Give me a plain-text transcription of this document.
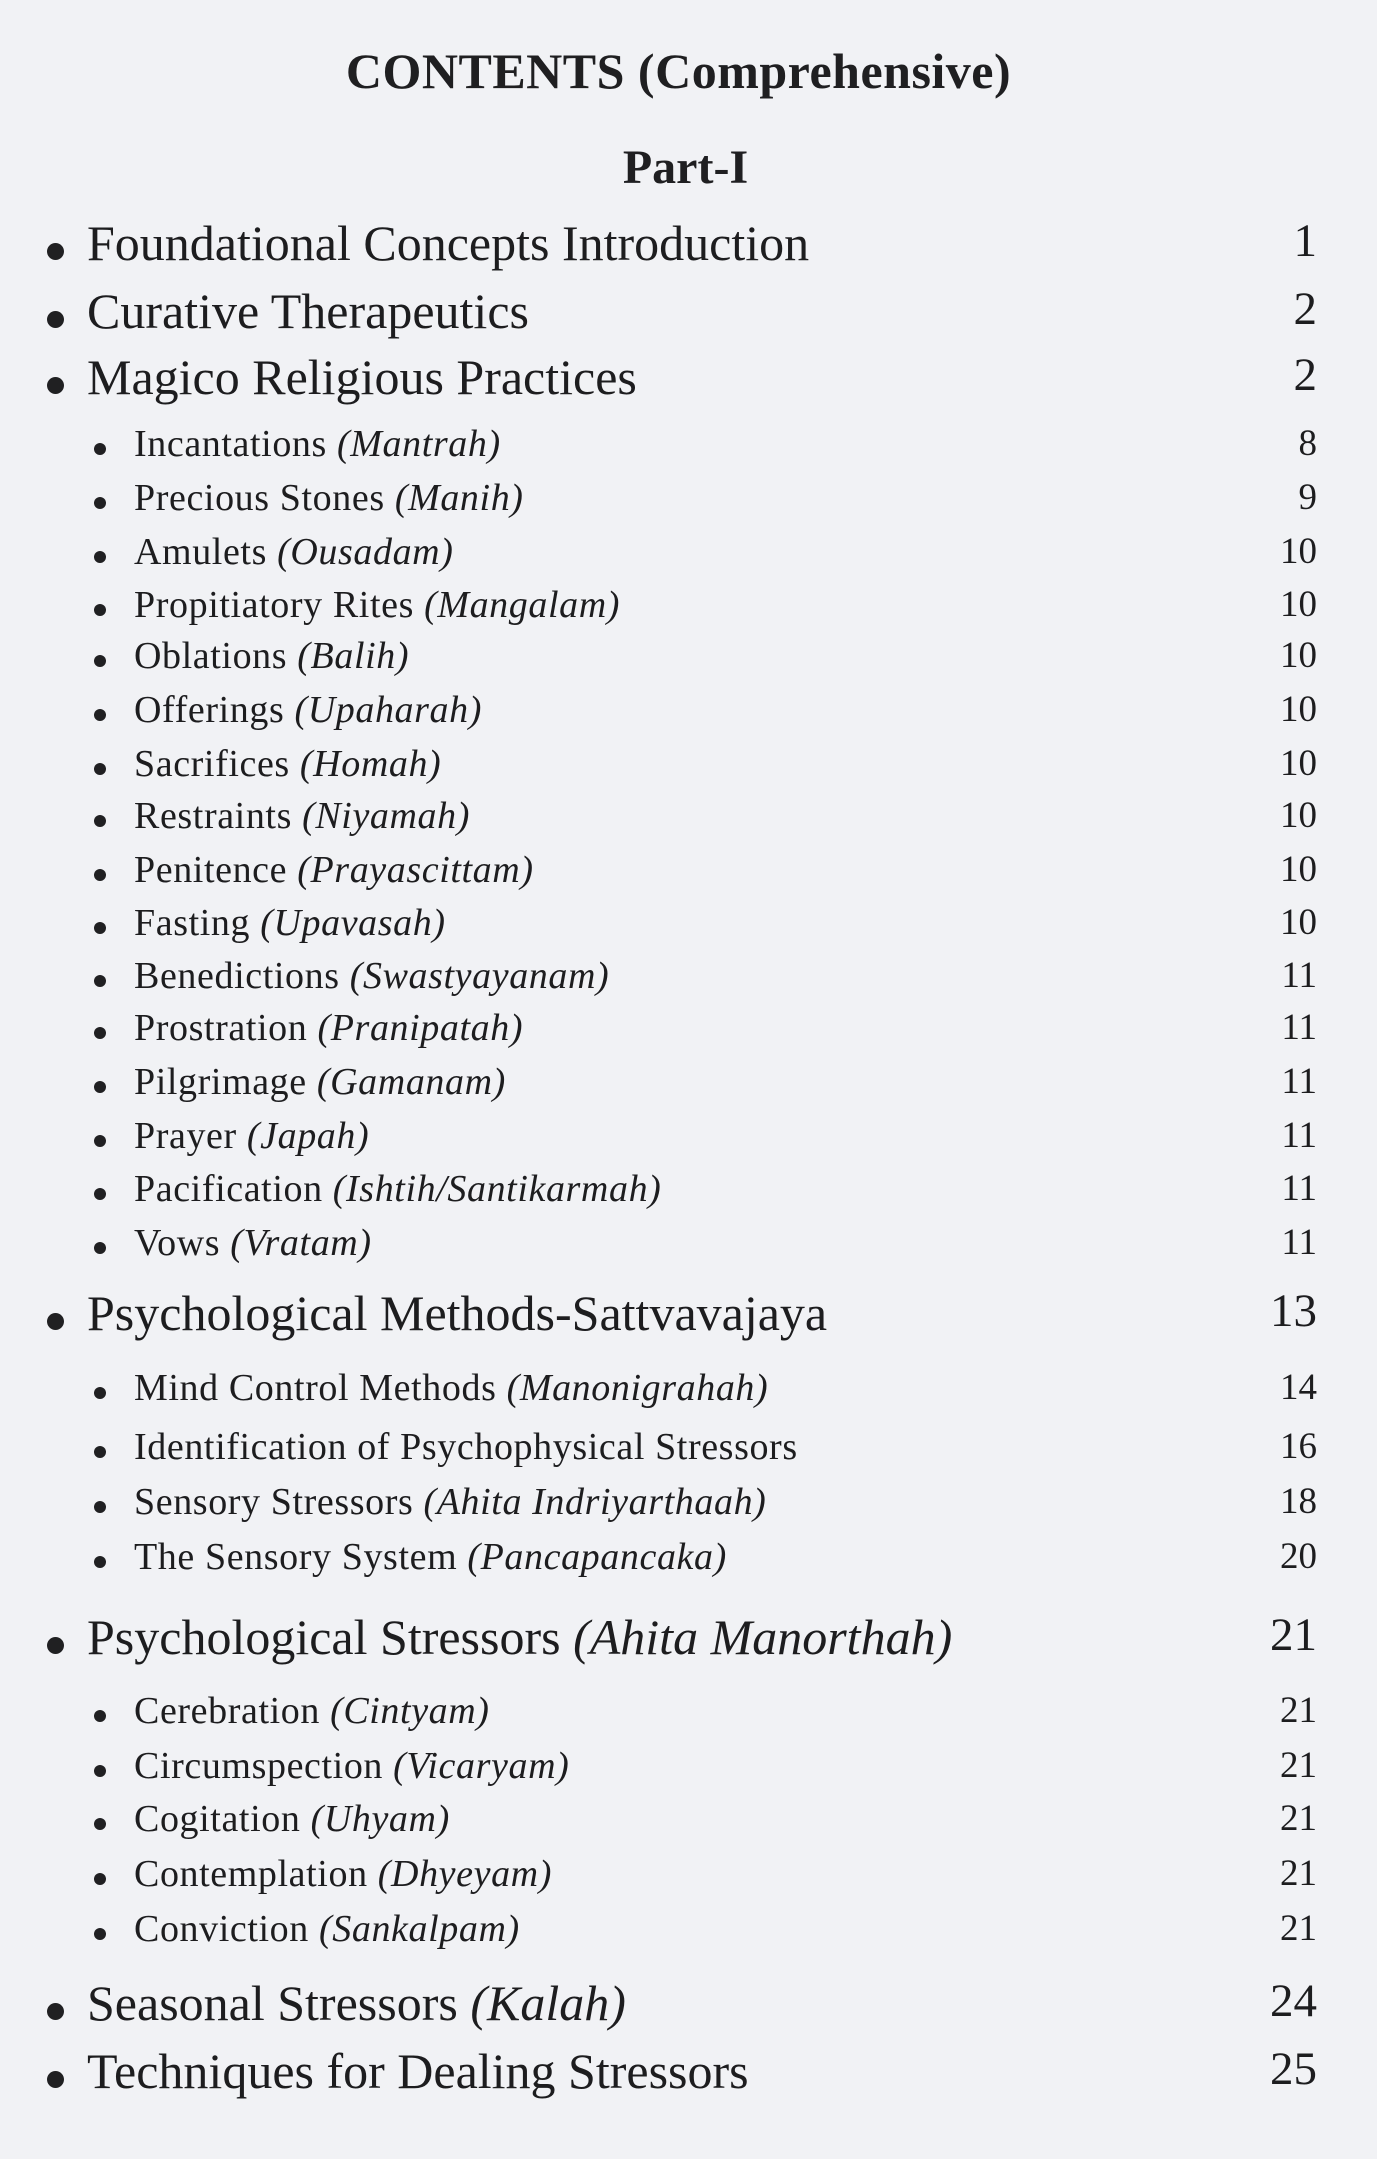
CONTENTS (Comprehensive)
Part-I
Foundational Concepts Introduction	1
Curative Therapeutics	2
Magico Religious Practices	2
Incantations (Mantrah)	8
Precious Stones (Manih)	9
Amulets (Ousadam)	10
Propitiatory Rites (Mangalam)	10
Oblations (Balih)	10
Offerings (Upaharah)	10
Sacrifices (Homah)	10
Restraints (Niyamah)	10
Penitence (Prayascittam)	10
Fasting (Upavasah)	10
Benedictions (Swastyayanam)	11
Prostration (Pranipatah)	11
Pilgrimage (Gamanam)	11
Prayer (Japah)	11
Pacification (Ishtih/Santikarmah)	11
Vows (Vratam)	11
Psychological Methods-Sattvavajaya	13
Mind Control Methods (Manonigrahah)	14
Identification of Psychophysical Stressors	16
Sensory Stressors (Ahita Indriyarthaah)	18
The Sensory System (Pancapancaka)	20
Psychological Stressors (Ahita Manorthah)	21
Cerebration (Cintyam)	21
Circumspection (Vicaryam)	21
Cogitation (Uhyam)	21
Contemplation (Dhyeyam)	21
Conviction (Sankalpam)	21
Seasonal Stressors (Kalah)	24
Techniques for Dealing Stressors	25
